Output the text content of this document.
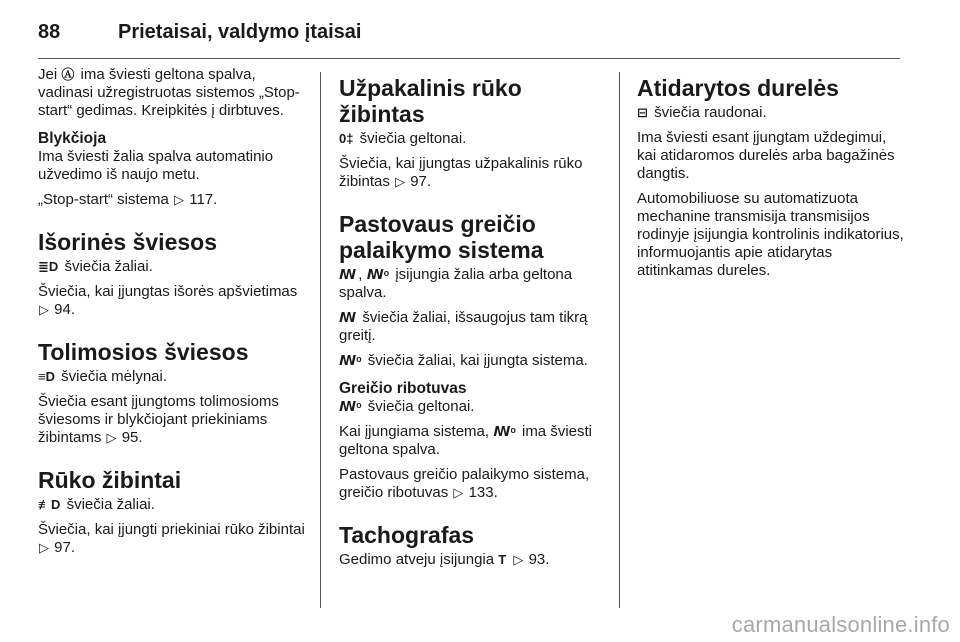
88	Prietaisai, valdymo įtaisai

Jei Ⓐ ima šviesti geltona spalva, vadinasi užregistruotas sistemos „Stop-start“ gedimas. Kreipkitės į dirbtuves.

Blykčioja

Ima šviesti žalia spalva automatinio užvedimo iš naujo metu.

„Stop-start“ sistema ▷ 117.

Išorinės šviesos

≣D šviečia žaliai.

Šviečia, kai įjungtas išorės apšvietimas ▷ 94.

Tolimosios šviesos

≡D šviečia mėlynai.

Šviečia esant įjungtoms tolimosioms šviesoms ir blykčiojant priekiniams žibintams ▷ 95.

Rūko žibintai

≢D šviečia žaliai.

Šviečia, kai įjungti priekiniai rūko žibintai ▷ 97.

Užpakalinis rūko žibintas

0‡ šviečia geltonai.

Šviečia, kai įjungtas užpakalinis rūko žibintas ▷ 97.

Pastovaus greičio palaikymo sistema

ꟿ , ꟿᵒ įsijungia žalia arba geltona spalva.

ꟿ šviečia žaliai, išsaugojus tam tikrą greitį.

ꟿᵒ šviečia žaliai, kai įjungta sistema.

Greičio ribotuvas

ꟿᵒ šviečia geltonai.

Kai įjungiama sistema, ꟿᵒ ima šviesti geltona spalva.

Pastovaus greičio palaikymo sistema, greičio ribotuvas ▷ 133.

Tachografas

Gedimo atveju įsijungia T ▷ 93.

Atidarytos durelės

⊟ šviečia raudonai.

Ima šviesti esant įjungtam uždegimui, kai atidaromos durelės arba bagažinės dangtis.

Automobiliuose su automatizuota mechanine transmisija transmisijos rodinyje įsijungia kontrolinis indikatorius, informuojantis apie atidarytas atitinkamas dureles.

carmanualsonline.info
